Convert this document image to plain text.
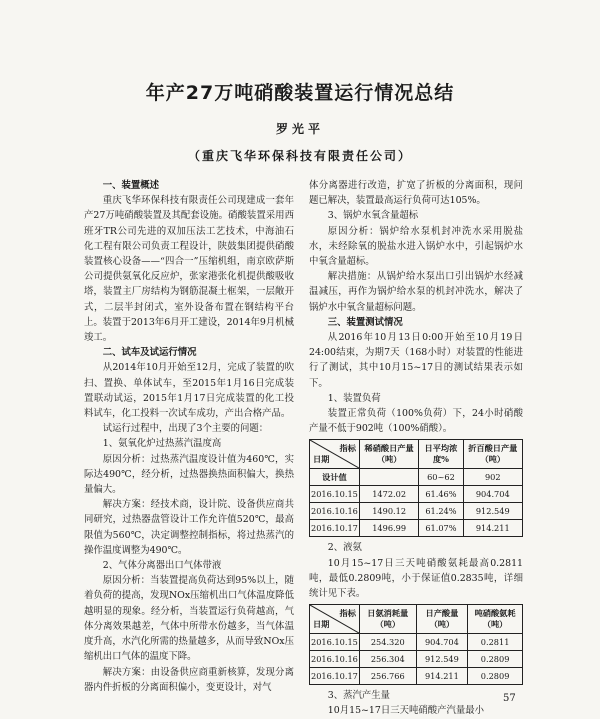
年产27万吨硝酸装置运行情况总结
罗光平
（重庆飞华环保科技有限责任公司）

一、装置概述

重庆飞华环保科技有限责任公司现建成一套年产27万吨硝酸装置及其配套设施。硝酸装置采用西班牙TR公司先进的双加压法工艺技术，中海油石化工程有限公司负责工程设计，陕鼓集团提供硝酸装置核心设备——“四合一”压缩机组，南京欧萨斯公司提供氨氧化反应炉，张家港张化机提供酸吸收塔，装置主厂房结构为钢筋混凝土框架，一层敞开式，二层半封闭式，室外设备布置在钢结构平台上。装置于2013年6月开工建设，2014年9月机械竣工。

二、试车及试运行情况

从2014年10月开始至12月，完成了装置的吹扫、置换、单体试车，至2015年1月16日完成装置联动试运，2015年1月17日完成装置的化工投料试车，化工投料一次试车成功，产出合格产品。

试运行过程中，出现了3个主要的问题：

1、氨氧化炉过热蒸汽温度高

原因分析：过热蒸汽温度设计值为460℃，实际达490℃，经分析，过热器换热面积偏大，换热量偏大。

解决方案：经技术商，设计院、设备供应商共同研究，过热器盘管设计工作允许值520℃，最高限值为560℃，决定调整控制指标，将过热蒸汽的操作温度调整为490℃。

2、气体分离器出口气体带液

原因分析：当装置提高负荷达到95%以上，随着负荷的提高，发现NOx压缩机出口气体温度降低越明显的现象。经分析，当装置运行负荷越高，气体分离效果越差，气体中所带水份越多，当气体温度升高，水汽化所需的热量越多，从而导致NOx压缩机出口气体的温度下降。

解决方案：由设备供应商重新核算，发现分离器内件折板的分离面积偏小，变更设计，对气

体分离器进行改造，扩宽了折板的分离面积，现问题已解决，装置最高运行负荷可达105%。

3、锅炉水氧含量超标

原因分析：锅炉给水泵机封冲洗水采用脱盐水，未经除氧的脱盐水进入锅炉水中，引起锅炉水中氧含量超标。

解决措施：从锅炉给水泵出口引出锅炉水经减温减压，再作为锅炉给水泵的机封冲洗水，解决了锅炉水中氧含量超标问题。

三、装置测试情况

从2016年10月13日0:00开始至10月19日24:00结束，为期7天（168小时）对装置的性能进行了测试，其中10月15~17日的测试结果表示如下。

1、装置负荷

装置正常负荷（100%负荷）下，24小时硝酸产量不低于902吨（100%硝酸）。

指标
日期	稀硝酸日产量（吨）	日平均浓度%	折百酸日产量（吨）
设计值		60~62	902
2016.10.15	1472.02	61.46%	904.704
2016.10.16	1490.12	61.24%	912.549
2016.10.17	1496.99	61.07%	914.211

2、液氨

10月15~17日三天吨硝酸氨耗最高0.2811吨，最低0.2809吨，小于保证值0.2835吨，详细统计见下表。

指标
日期	日氨消耗量（吨）	日产酸量（吨）	吨硝酸氨耗（吨）
2016.10.15	254.320	904.704	0.2811
2016.10.16	256.304	912.549	0.2809
2016.10.17	256.766	914.211	0.2809

3、蒸汽产生量

10月15~17日三天吨硝酸产汽量最小

57
